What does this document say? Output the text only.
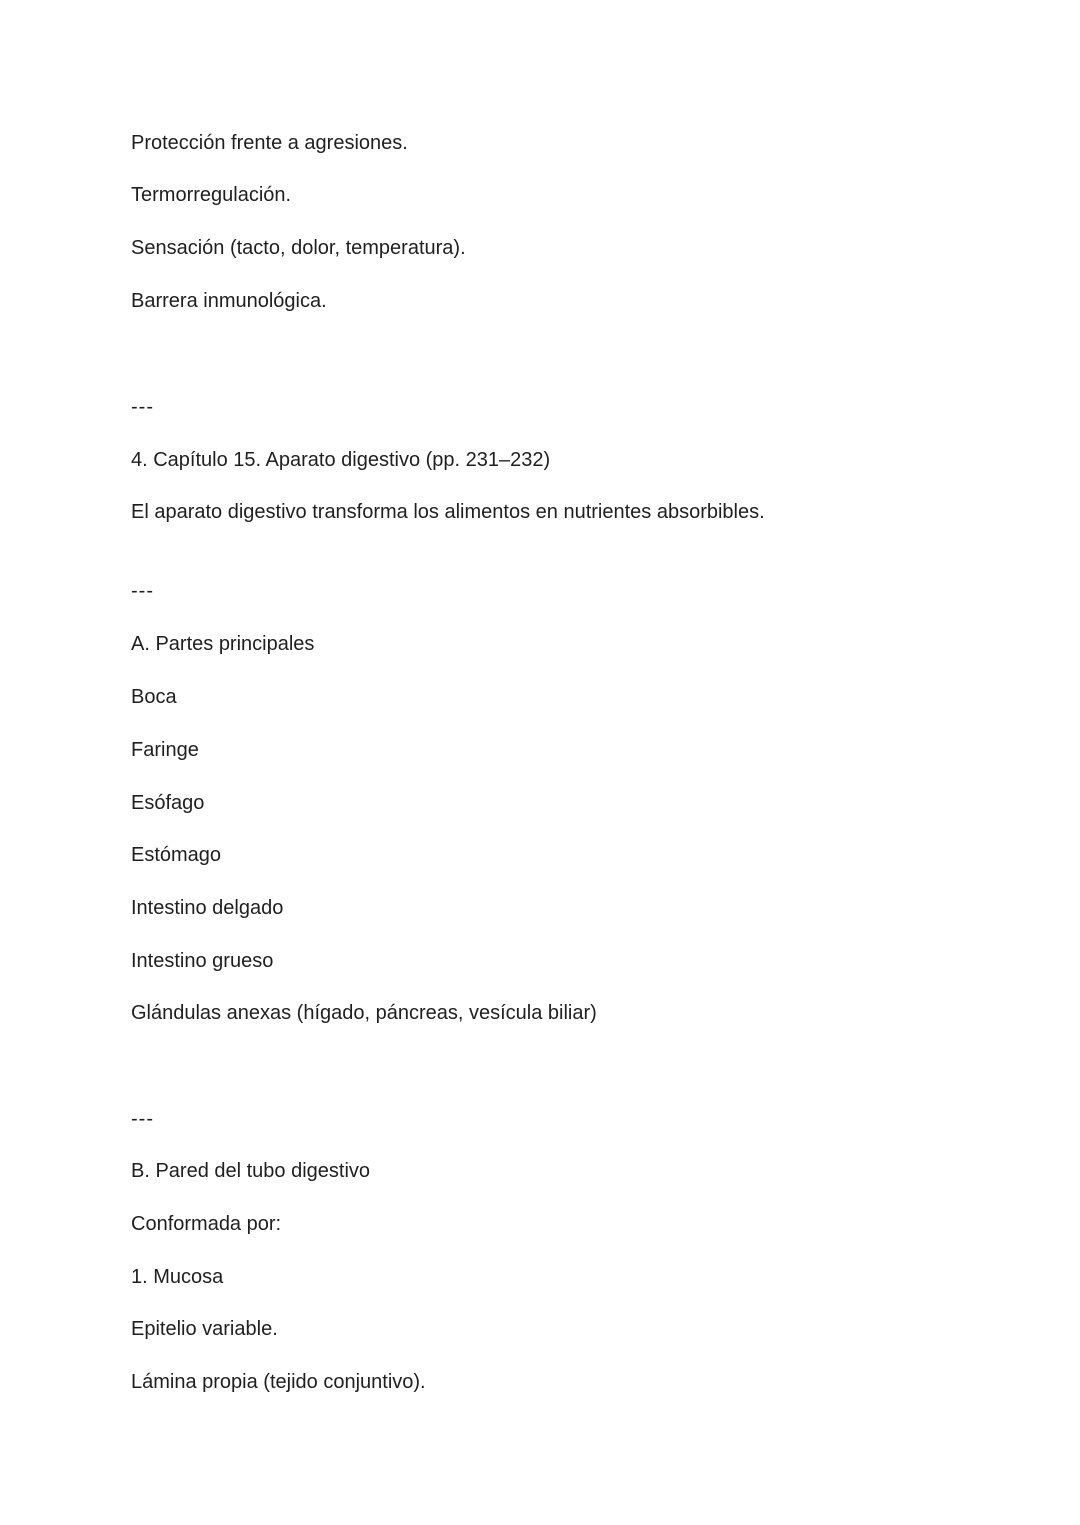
Protección frente a agresiones.
Termorregulación.
Sensación (tacto, dolor, temperatura).
Barrera inmunológica.
---
4. Capítulo 15. Aparato digestivo (pp. 231–232)
El aparato digestivo transforma los alimentos en nutrientes absorbibles.
---
A. Partes principales
Boca
Faringe
Esófago
Estómago
Intestino delgado
Intestino grueso
Glándulas anexas (hígado, páncreas, vesícula biliar)
---
B. Pared del tubo digestivo
Conformada por:
1. Mucosa
Epitelio variable.
Lámina propia (tejido conjuntivo).
